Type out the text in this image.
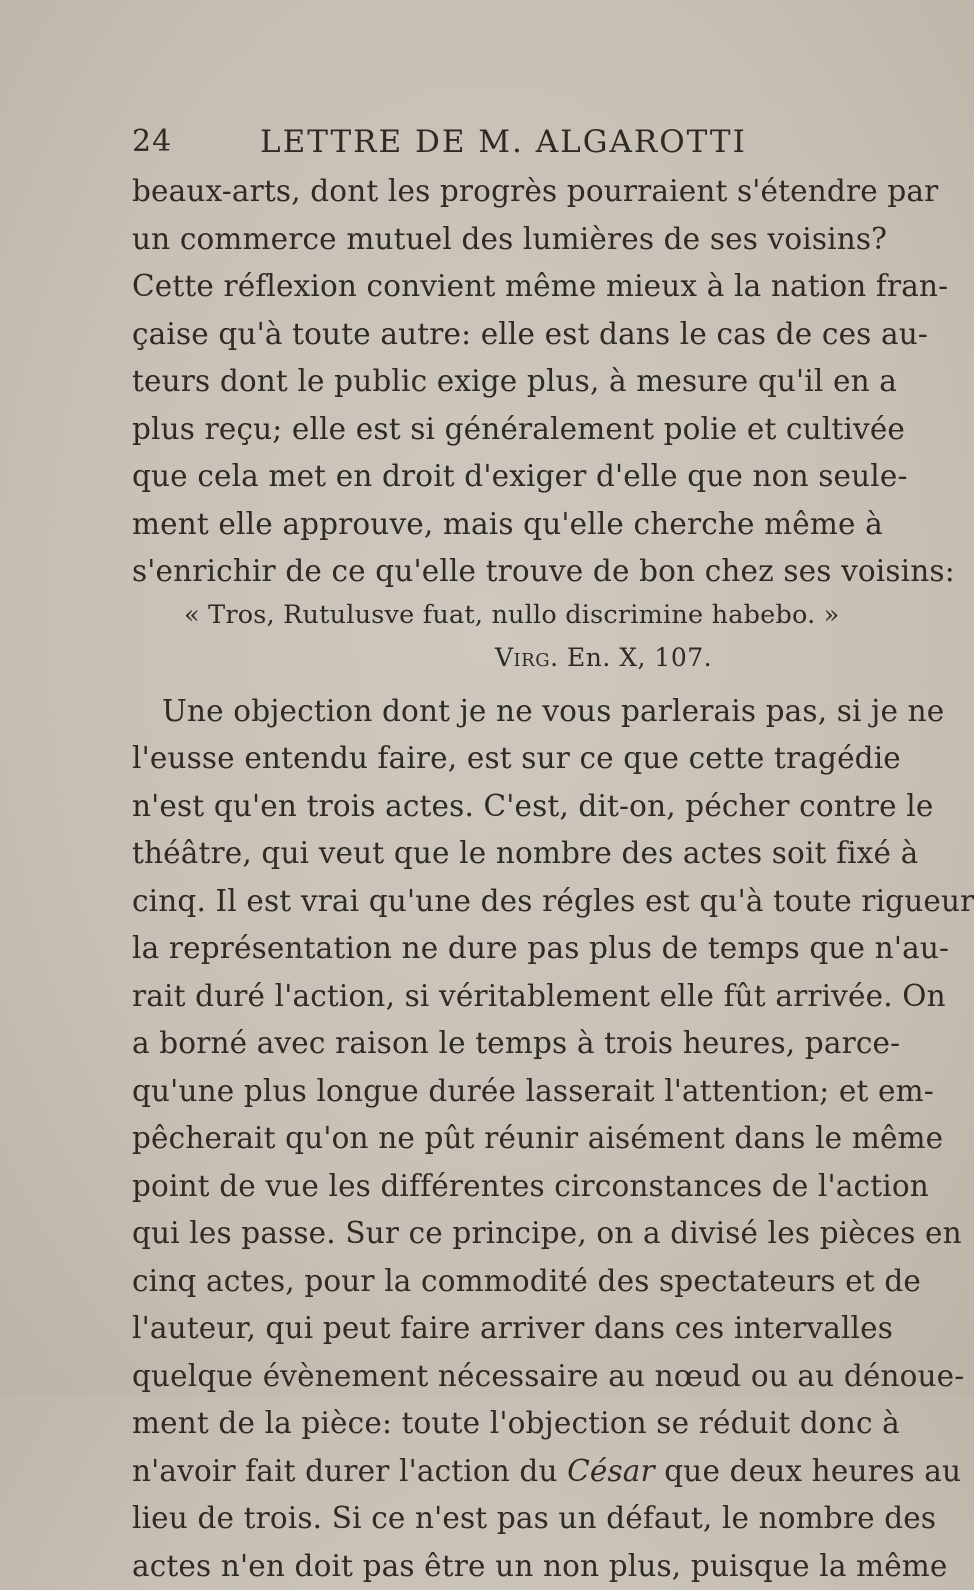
24	LETTRE DE M. ALGAROTTI
beaux-arts, dont les progrès pourraient s'étendre par
un commerce mutuel des lumières de ses voisins?
Cette réflexion convient même mieux à la nation fran-
çaise qu'à toute autre: elle est dans le cas de ces au-
teurs dont le public exige plus, à mesure qu'il en a
plus reçu; elle est si généralement polie et cultivée
que cela met en droit d'exiger d'elle que non seule-
ment elle approuve, mais qu'elle cherche même à
s'enrichir de ce qu'elle trouve de bon chez ses voisins:
« Tros, Rutulusve fuat, nullo discrimine habebo. »
Virg. En. X, 107.
Une objection dont je ne vous parlerais pas, si je ne
l'eusse entendu faire, est sur ce que cette tragédie
n'est qu'en trois actes. C'est, dit-on, pécher contre le
théâtre, qui veut que le nombre des actes soit fixé à
cinq. Il est vrai qu'une des régles est qu'à toute rigueur
la représentation ne dure pas plus de temps que n'au-
rait duré l'action, si véritablement elle fût arrivée. On
a borné avec raison le temps à trois heures, parce-
qu'une plus longue durée lasserait l'attention; et em-
pêcherait qu'on ne pût réunir aisément dans le même
point de vue les différentes circonstances de l'action
qui les passe. Sur ce principe, on a divisé les pièces en
cinq actes, pour la commodité des spectateurs et de
l'auteur, qui peut faire arriver dans ces intervalles
quelque évènement nécessaire au nœud ou au dénoue-
ment de la pièce: toute l'objection se réduit donc à
n'avoir fait durer l'action du César que deux heures au
lieu de trois. Si ce n'est pas un défaut, le nombre des
actes n'en doit pas être un non plus, puisque la même
